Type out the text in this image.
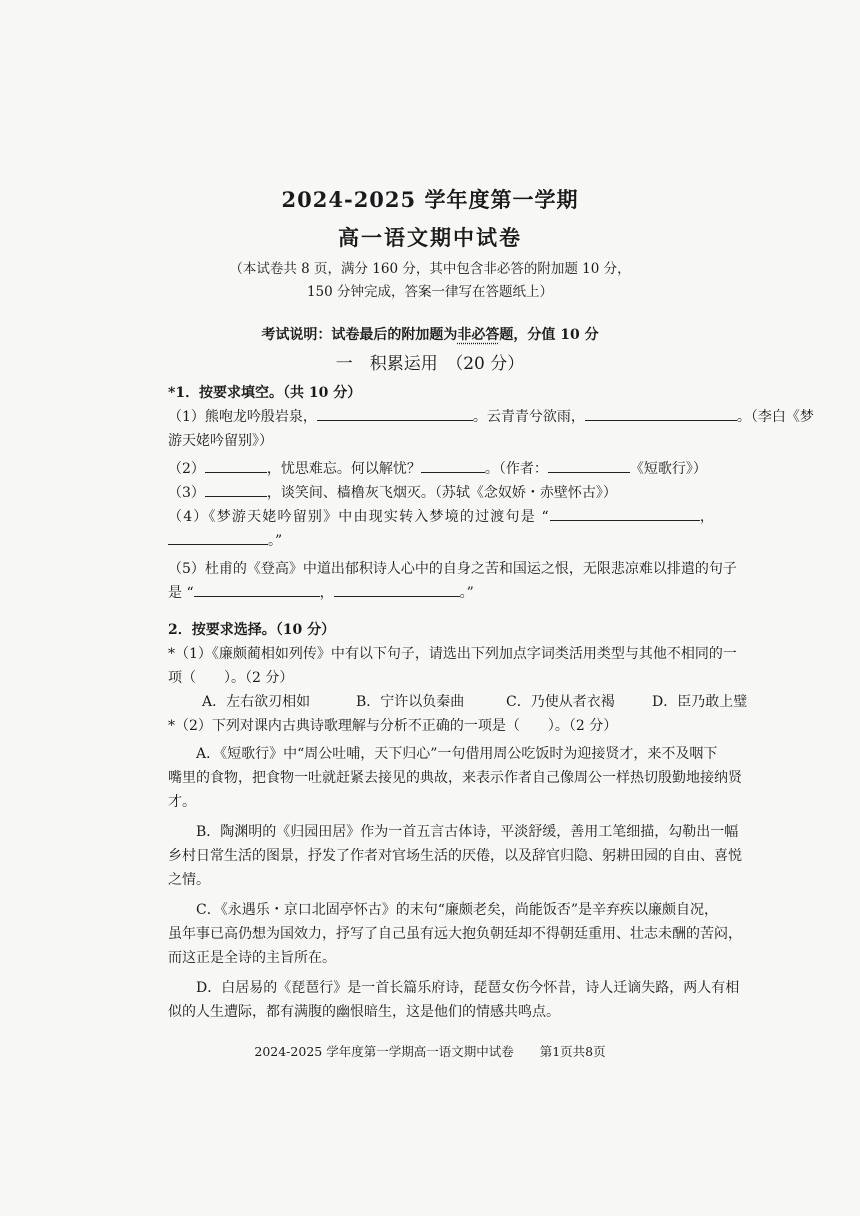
2024-2025 学年度第一学期
高一语文期中试卷
（本试卷共 8 页，满分 160 分，其中包含非必答的附加题 10 分，
150 分钟完成，答案一律写在答题纸上）
考试说明：试卷最后的附加题为非必答题，分值 10 分
一　积累运用　（20 分）
*1．按要求填空。（共 10 分）
（1）熊咆龙吟殷岩泉，	。云青青兮欲雨，	。（李白《梦
游天姥吟留别》）
（2）	，忧思难忘。何以解忧？	。（作者：	《短歌行》）
（3）	，谈笑间、樯橹灰飞烟灭。（苏轼《念奴娇・赤壁怀古》）
（4）《梦游天姥吟留别》中由现实转入梦境的过渡句是 “	，
。”
（5）杜甫的《登高》中道出郁积诗人心中的自身之苦和国运之恨，无限悲凉难以排遣的句子
是 “	，	。”
2．按要求选择。（10 分）
*（1）《廉颇蔺相如列传》中有以下句子，请选出下列加点字词类活用类型与其他不相同的一
项（　　）。（2 分）
A．左右欲刃相如	B．宁许以负秦曲	C．乃使从者衣褐	D．臣乃敢上璧
*（2）下列对课内古典诗歌理解与分析不正确的一项是（　　）。（2 分）
A．《短歌行》中“周公吐哺，天下归心”一句借用周公吃饭时为迎接贤才，来不及咽下
嘴里的食物，把食物一吐就赶紧去接见的典故，来表示作者自己像周公一样热切殷勤地接纳贤
才。
B．陶渊明的《归园田居》作为一首五言古体诗，平淡舒缓，善用工笔细描，勾勒出一幅
乡村日常生活的图景，抒发了作者对官场生活的厌倦，以及辞官归隐、躬耕田园的自由、喜悦
之情。
C．《永遇乐・京口北固亭怀古》的末句“廉颇老矣，尚能饭否”是辛弃疾以廉颇自况，
虽年事已高仍想为国效力，抒写了自己虽有远大抱负朝廷却不得朝廷重用、壮志未酬的苦闷，
而这正是全诗的主旨所在。
D．白居易的《琵琶行》是一首长篇乐府诗，琵琶女伤今怀昔，诗人迁谪失路，两人有相
似的人生遭际，都有满腹的幽恨暗生，这是他们的情感共鸣点。
2024-2025 学年度第一学期高一语文期中试卷 第1页共8页
